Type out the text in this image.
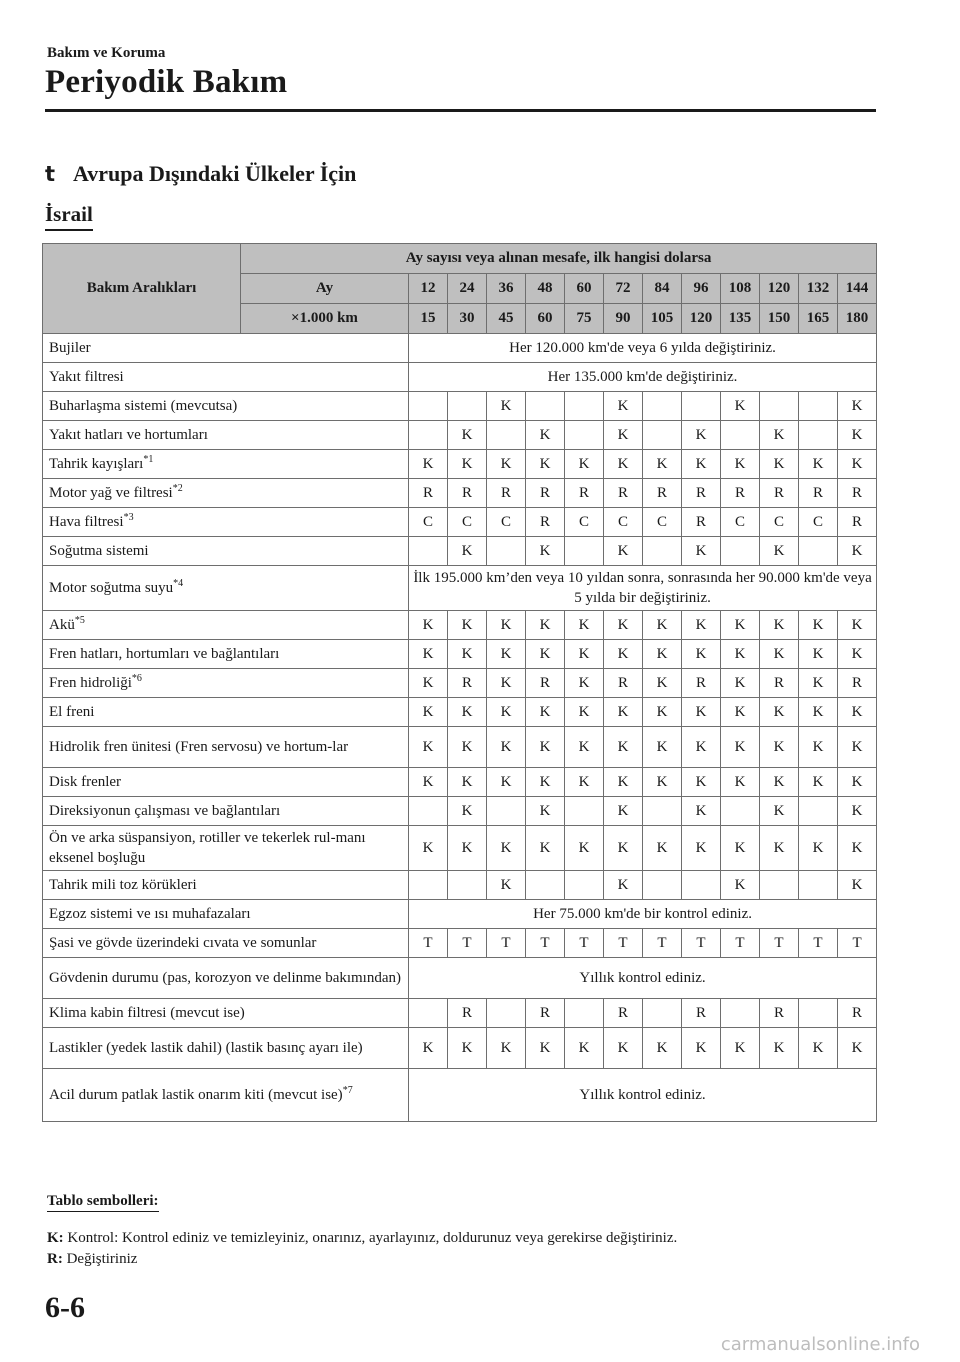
Bakım ve Koruma
Periyodik Bakım
t Avrupa Dışındaki Ülkeler İçin
İsrail
Bakım Aralıkları	Ay sayısı veya alınan mesafe, ilk hangisi dolarsa												
	Ay	12	24	36	48	60	72	84	96	108	120	132	144
	×1.000 km	15	30	45	60	75	90	105	120	135	150	165	180
Bujiler		Her 120.000 km'de veya 6 yılda değiştiriniz.											
Yakıt filtresi		Her 135.000 km'de değiştiriniz.											
Buharlaşma sistemi (mevcutsa)				K			K			K			K
Yakıt hatları ve hortumları			K		K		K		K		K		K
Tahrik kayışları$^{*1}$		K	K	K	K	K	K	K	K	K	K	K	K
Motor yağ ve filtresi$^{*2}$		R	R	R	R	R	R	R	R	R	R	R	R
Hava filtresi$^{*3}$		C	C	C	R	C	C	C	R	C	C	C	R
Soğutma sistemi			K		K		K		K		K		K
Motor soğutma suyu$^{*4}$		İlk 195.000 km’den veya 10 yıldan sonra, sonrasında her 90.000 km'de veya 5 yılda bir değiştiriniz.											
Akü$^{*5}$		K	K	K	K	K	K	K	K	K	K	K	K
Fren hatları, hortumları ve bağlantıları		K	K	K	K	K	K	K	K	K	K	K	K
Fren hidroliği$^{*6}$		K	R	K	R	K	R	K	R	K	R	K	R
El freni		K	K	K	K	K	K	K	K	K	K	K	K
Hidrolik fren ünitesi (Fren servosu) ve hortum-lar		K	K	K	K	K	K	K	K	K	K	K	K
Disk frenler		K	K	K	K	K	K	K	K	K	K	K	K
Direksiyonun çalışması ve bağlantıları			K		K		K		K		K		K
Ön ve arka süspansiyon, rotiller ve tekerlek rul-manı eksenel boşluğu		K	K	K	K	K	K	K	K	K	K	K	K
Tahrik mili toz körükleri				K			K			K			K
Egzoz sistemi ve ısı muhafazaları		Her 75.000 km'de bir kontrol ediniz.											
Şasi ve gövde üzerindeki cıvata ve somunlar		T	T	T	T	T	T	T	T	T	T	T	T
Gövdenin durumu (pas, korozyon ve delinme bakımından)		Yıllık kontrol ediniz.											
Klima kabin filtresi (mevcut ise)			R		R		R		R		R		R
Lastikler (yedek lastik dahil) (lastik basınç ayarı ile)		K	K	K	K	K	K	K	K	K	K	K	K
Acil durum patlak lastik onarım kiti (mevcut ise)$^{*7}$		Yıllık kontrol ediniz.											
Tablo sembolleri:
K: Kontrol: Kontrol ediniz ve temizleyiniz, onarınız, ayarlayınız, doldurunuz veya gerekirse değiştiriniz.
R: Değiştiriniz
6-6
carmanualsonline.info
